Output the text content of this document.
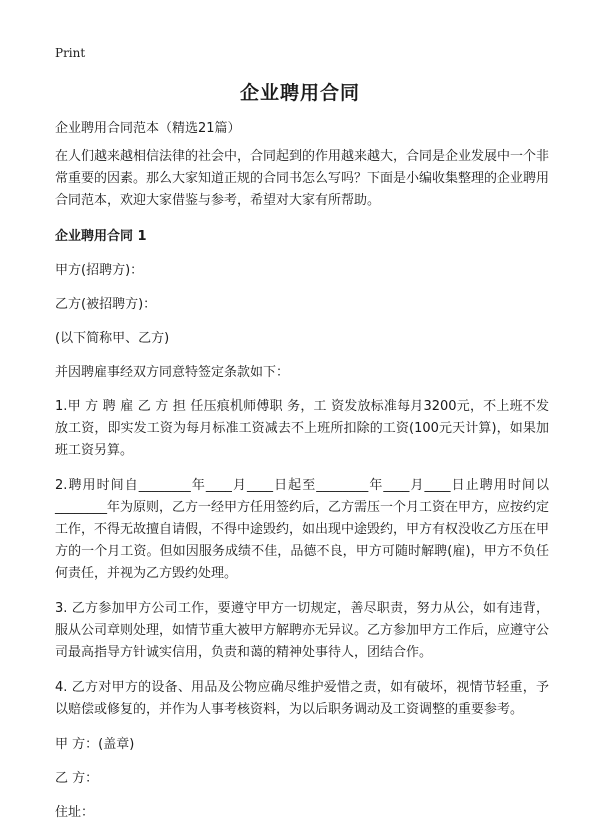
Print
企业聘用合同

企业聘用合同范本（精选21篇）

在人们越来越相信法律的社会中，合同起到的作用越来越大，合同是企业发展中一个非常重要的因素。那么大家知道正规的合同书怎么写吗？下面是小编收集整理的企业聘用合同范本，欢迎大家借鉴与参考，希望对大家有所帮助。

企业聘用合同 1

甲方(招聘方)：

乙方(被招聘方)：

(以下简称甲、乙方)

并因聘雇事经双方同意特签定条款如下：

1.甲 方 聘 雇 乙 方 担 任压痕机师傅职 务，工 资发放标准每月3200元，不上班不发放工资，即实发工资为每月标准工资减去不上班所扣除的工资(100元天计算)，如果加班工资另算。

2.聘用时间自________年____月____日起至________年____月____日止聘用时间以________年为原则，乙方一经甲方任用签约后，乙方需压一个月工资在甲方，应按约定工作，不得无故擅自请假，不得中途毁约，如出现中途毁约，甲方有权没收乙方压在甲方的一个月工资。但如因服务成绩不佳，品德不良，甲方可随时解聘(雇)，甲方不负任何责任，并视为乙方毁约处理。

3. 乙方参加甲方公司工作，要遵守甲方一切规定，善尽职责，努力从公，如有违背，服从公司章则处理，如情节重大被甲方解聘亦无异议。乙方参加甲方工作后，应遵守公司最高指导方针诚实信用，负责和蔼的精神处事待人，团结合作。

4. 乙方对甲方的设备、用品及公物应确尽维护爱惜之责，如有破坏，视情节轻重，予以赔偿或修复的，并作为人事考核资料，为以后职务调动及工资调整的重要参考。

甲 方：(盖章)

乙 方：

住址：
